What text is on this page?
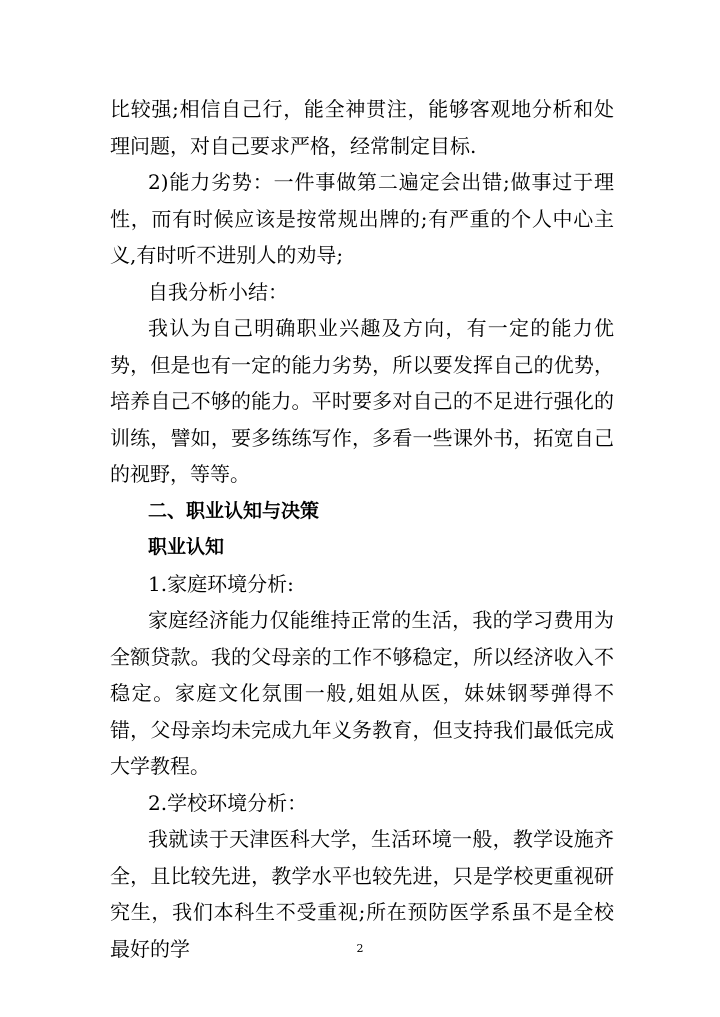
比较强;相信自己行，能全神贯注，能够客观地分析和处理问题，对自己要求严格，经常制定目标.

2)能力劣势：一件事做第二遍定会出错;做事过于理性，而有时候应该是按常规出牌的;有严重的个人中心主义,有时听不进别人的劝导;

自我分析小结：

我认为自己明确职业兴趣及方向，有一定的能力优势，但是也有一定的能力劣势，所以要发挥自己的优势，培养自己不够的能力。平时要多对自己的不足进行强化的训练，譬如，要多练练写作，多看一些课外书，拓宽自己的视野，等等。

二、职业认知与决策

职业认知

1.家庭环境分析:

家庭经济能力仅能维持正常的生活，我的学习费用为全额贷款。我的父母亲的工作不够稳定，所以经济收入不稳定。家庭文化氛围一般,姐姐从医，妹妹钢琴弹得不错，父母亲均未完成九年义务教育，但支持我们最低完成大学教程。

2.学校环境分析：

我就读于天津医科大学，生活环境一般，教学设施齐全，且比较先进，教学水平也较先进，只是学校更重视研究生，我们本科生不受重视;所在预防医学系虽不是全校最好的学	2
